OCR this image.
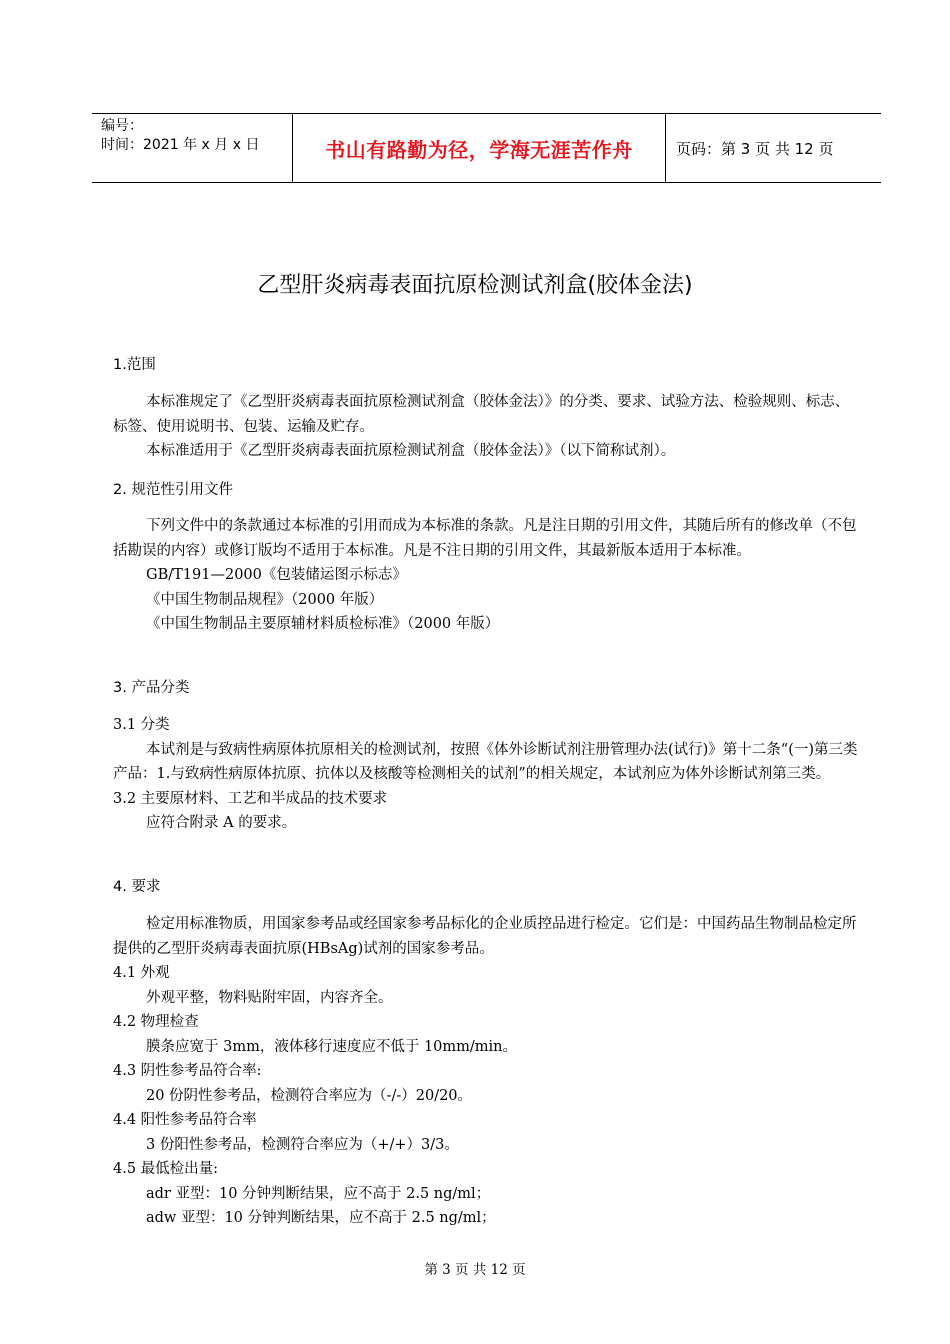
编号：
时间：2021 年 x 月 x 日	书山有路勤为径，学海无涯苦作舟	页码：第 3 页 共 12 页
乙型肝炎病毒表面抗原检测试剂盒(胶体金法)
1.范围

本标准规定了《乙型肝炎病毒表面抗原检测试剂盒（胶体金法）》的分类、要求、试验方法、检验规则、标志、标签、使用说明书、包装、运输及贮存。

本标准适用于《乙型肝炎病毒表面抗原检测试剂盒（胶体金法）》（以下简称试剂）。

2. 规范性引用文件

下列文件中的条款通过本标准的引用而成为本标准的条款。凡是注日期的引用文件，其随后所有的修改单（不包括勘误的内容）或修订版均不适用于本标准。凡是不注日期的引用文件，其最新版本适用于本标准。

GB/T191—2000《包装储运图示标志》

《中国生物制品规程》（2000 年版）

《中国生物制品主要原辅材料质检标准》（2000 年版）

3. 产品分类

3.1 分类

本试剂是与致病性病原体抗原相关的检测试剂，按照《体外诊断试剂注册管理办法(试行)》第十二条“(一)第三类产品：1.与致病性病原体抗原、抗体以及核酸等检测相关的试剂”的相关规定，本试剂应为体外诊断试剂第三类。

3.2 主要原材料、工艺和半成品的技术要求

应符合附录 A 的要求。

4. 要求

检定用标准物质，用国家参考品或经国家参考品标化的企业质控品进行检定。它们是：中国药品生物制品检定所提供的乙型肝炎病毒表面抗原(HBsAg)试剂的国家参考品。

4.1 外观

外观平整，物料贴附牢固，内容齐全。

4.2 物理检查

膜条应宽于 3mm，液体移行速度应不低于 10mm/min。

4.3 阴性参考品符合率:

20 份阴性参考品，检测符合率应为（-/-）20/20。

4.4 阳性参考品符合率

3 份阳性参考品，检测符合率应为（+/+）3/3。

4.5 最低检出量:

adr 亚型：10 分钟判断结果，应不高于 2.5 ng/ml；

adw 亚型：10 分钟判断结果，应不高于 2.5 ng/ml；

第 3 页 共 12 页
